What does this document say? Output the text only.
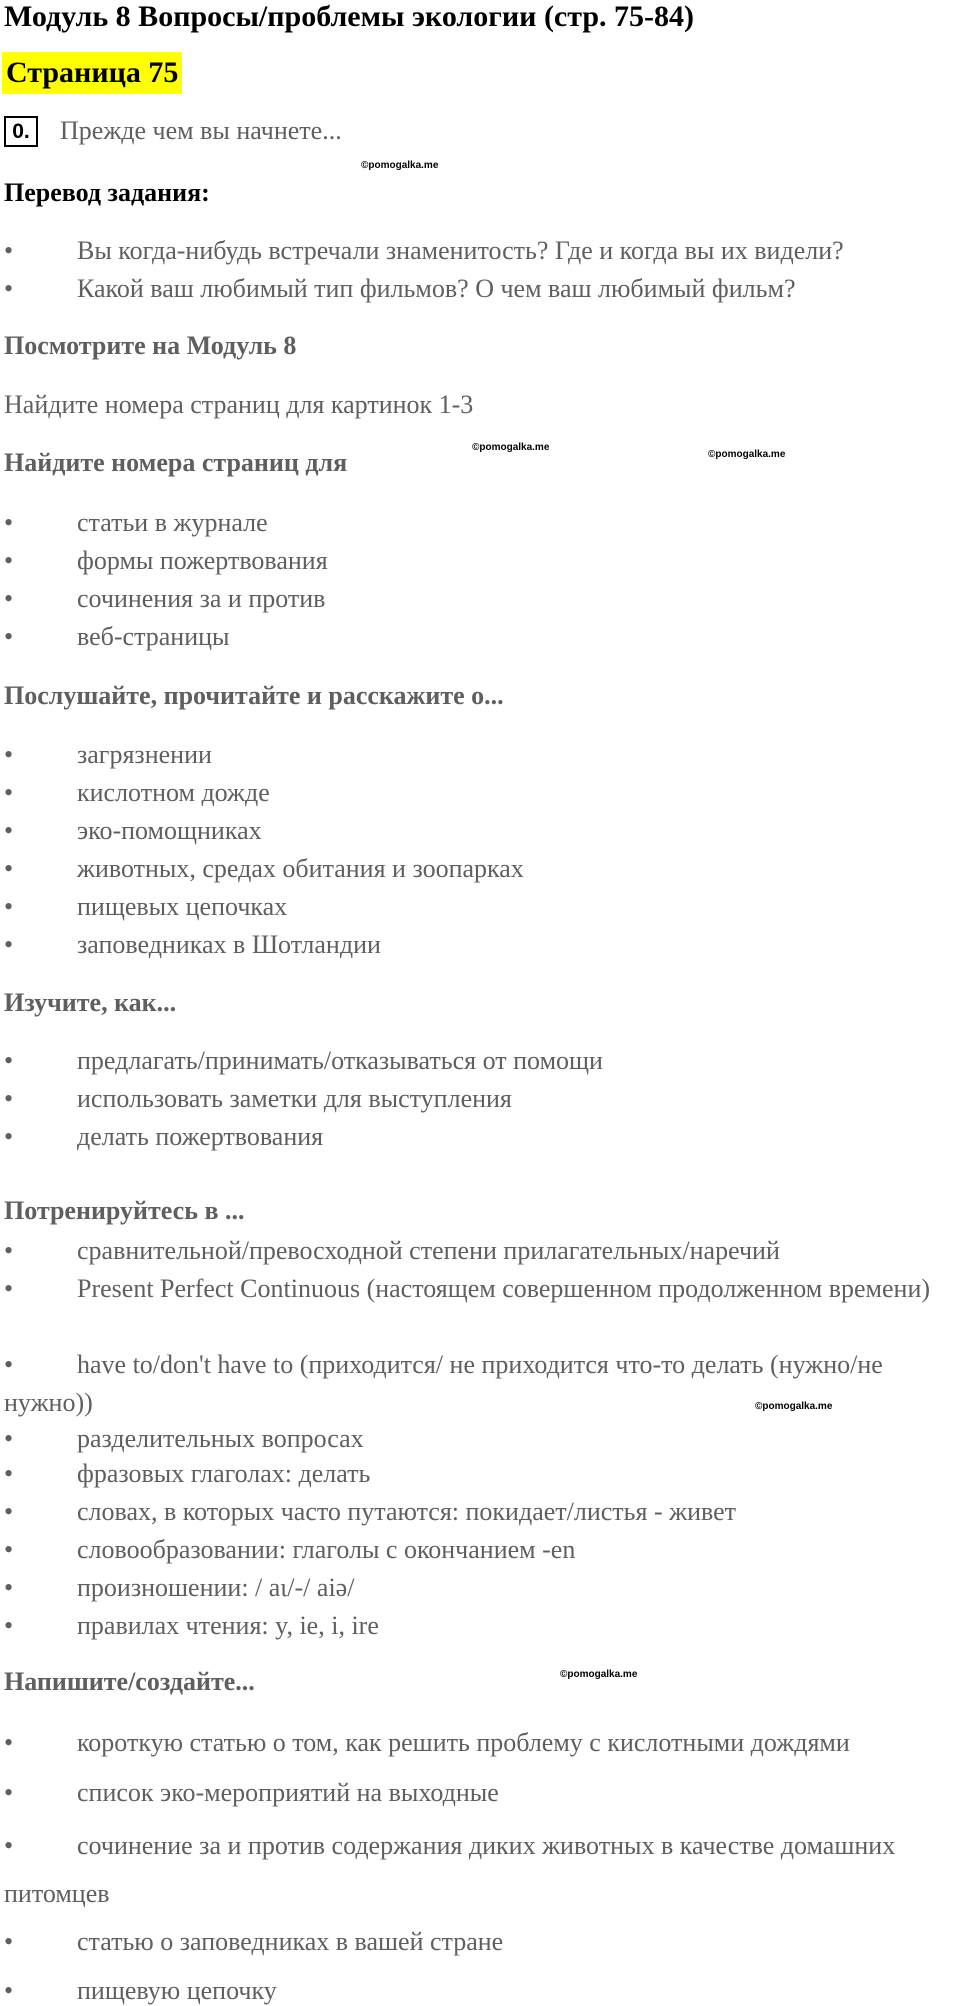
Модуль 8 Вопросы/проблемы экологии (стр. 75-84)
Страница 75
0.	Прежде чем вы начнете...
©pomogalka.me
Перевод задания:
• Вы когда-нибудь встречали знаменитость? Где и когда вы их видели?
• Какой ваш любимый тип фильмов? О чем ваш любимый фильм?
Посмотрите на Модуль 8
Найдите номера страниц для картинок 1-3
Найдите номера страниц для
©pomogalka.me
©pomogalka.me
• статьи в журнале
• формы пожертвования
• сочинения за и против
• веб-страницы
Послушайте, прочитайте и расскажите о...
• загрязнении
• кислотном дожде
• эко-помощниках
• животных, средах обитания и зоопарках
• пищевых цепочках
• заповедниках в Шотландии
Изучите, как...
• предлагать/принимать/отказываться от помощи
• использовать заметки для выступления
• делать пожертвования
Потренируйтесь в ...
• сравнительной/превосходной степени прилагательных/наречий
• Present Perfect Continuous (настоящем совершенном продолженном времени)
• have to/don't have to (приходится/ не приходится что-то делать (нужно/не нужно))	©pomogalka.me
• разделительных вопросах
• фразовых глаголах: делать
• словах, в которых часто путаются: покидает/листья - живет
• словообразовании: глаголы с окончанием -en
• произношении: / aι/-/ aiə/
• правилах чтения: y, ie, i, ire
Напишите/создайте...	©pomogalka.me
• короткую статью о том, как решить проблему с кислотными дождями
• список эко-мероприятий на выходные
• сочинение за и против содержания диких животных в качестве домашних питомцев
• статью о заповедниках в вашей стране
• пищевую цепочку
